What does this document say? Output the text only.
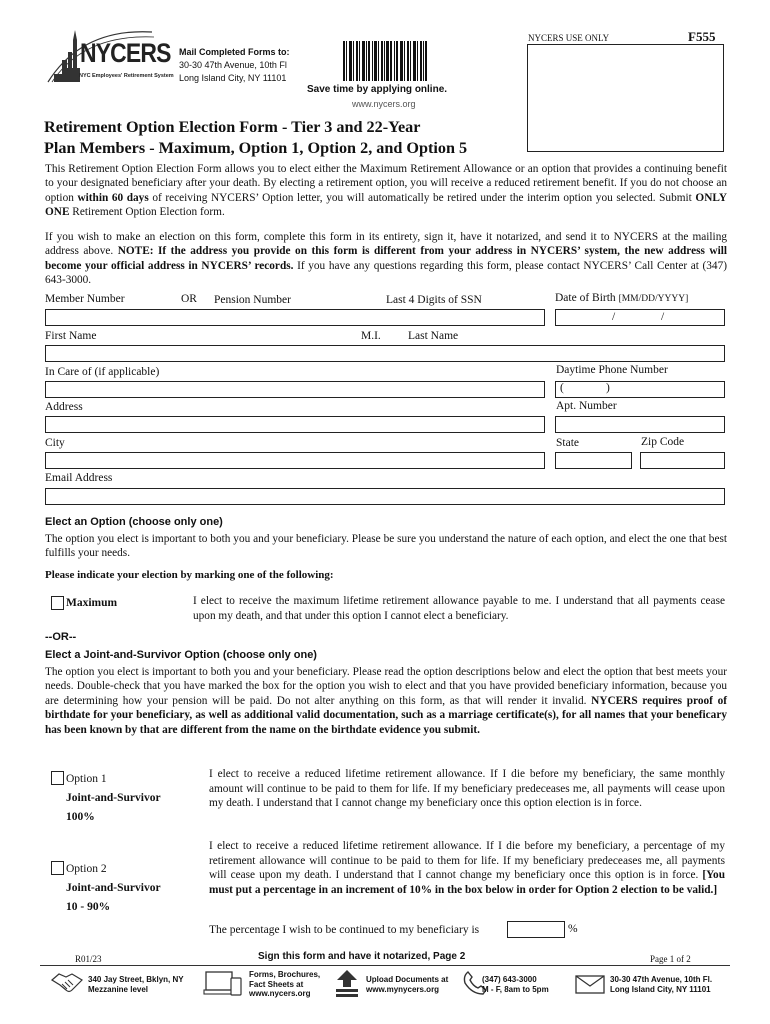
NYCERS
NYC Employees' Retirement System
Mail Completed Forms to:
30-30 47th Avenue, 10th Fl
Long Island City, NY 11101
Save time by applying online.
www.nycers.org
NYCERS USE ONLY	F555
Retirement Option Election Form - Tier 3 and 22-Year
Plan Members - Maximum, Option 1, Option 2, and Option 5
This Retirement Option Election Form allows you to elect either the Maximum Retirement Allowance or an option that provides a continuing benefit to your designated beneficiary after your death. By electing a retirement option, you will receive a reduced retirement benefit. If you do not choose an option within 60 days of receiving NYCERS’ Option letter, you will automatically be retired under the interim option you selected. Submit ONLY ONE Retirement Option Election form.
If you wish to make an election on this form, complete this form in its entirety, sign it, have it notarized, and send it to NYCERS at the mailing address above. NOTE: If the address you provide on this form is different from your address in NYCERS’ system, the new address will become your official address in NYCERS’ records. If you have any questions regarding this form, please contact NYCERS’ Call Center at (347) 643-3000.
Member Number	OR Pension Number	Last 4 Digits of SSN	Date of Birth [MM/DD/YYYY]
/	/
First Name	M.I. Last Name
In Care of (if applicable)	Daytime Phone Number
(	)
Address	Apt. Number
City	State	Zip Code
Email Address
Elect an Option (choose only one)
The option you elect is important to both you and your beneficiary. Please be sure you understand the nature of each option, and elect the one that best fulfills your needs.
Please indicate your election by marking one of the following:
Maximum	I elect to receive the maximum lifetime retirement allowance payable to me. I understand that all payments cease upon my death, and that under this option I cannot elect a beneficiary.
--OR--
Elect a Joint-and-Survivor Option (choose only one)
The option you elect is important to both you and your beneficiary. Please read the option descriptions below and elect the option that best meets your needs. Double-check that you have marked the box for the option you wish to elect and that you have provided beneficiary information, because you are determining how your pension will be paid. Do not alter anything on this form, as that will render it invalid. NYCERS requires proof of birthdate for your beneficiary, as well as additional valid documentation, such as a marriage certificate(s), for all names that your beneficary has been known by that are different from the name on the birthdate evidence you submit.
Option 1
Joint-and-Survivor
100%
I elect to receive a reduced lifetime retirement allowance. If I die before my beneficiary, the same monthly amount will continue to be paid to them for life. If my beneficiary predeceases me, all payments will cease upon my death. I understand that I cannot change my beneficiary once this option election is in force.
Option 2
Joint-and-Survivor
10 - 90%
I elect to receive a reduced lifetime retirement allowance. If I die before my beneficiary, a percentage of my retirement allowance will continue to be paid to them for life. If my beneficiary predeceases me, all payments will cease upon my death. I understand that I cannot change my beneficiary once this option is in force. [You must put a percentage in an increment of 10% in the box below in order for Option 2 election to be valid.]
The percentage I wish to be continued to my beneficiary is	%
R01/23	Sign this form and have it notarized, Page 2	Page 1 of 2
340 Jay Street, Bklyn, NY
Mezzanine level
Forms, Brochures,
Fact Sheets at
www.nycers.org
Upload Documents at
www.mynycers.org
(347) 643-3000
M - F, 8am to 5pm
30-30 47th Avenue, 10th Fl.
Long Island City, NY 11101
